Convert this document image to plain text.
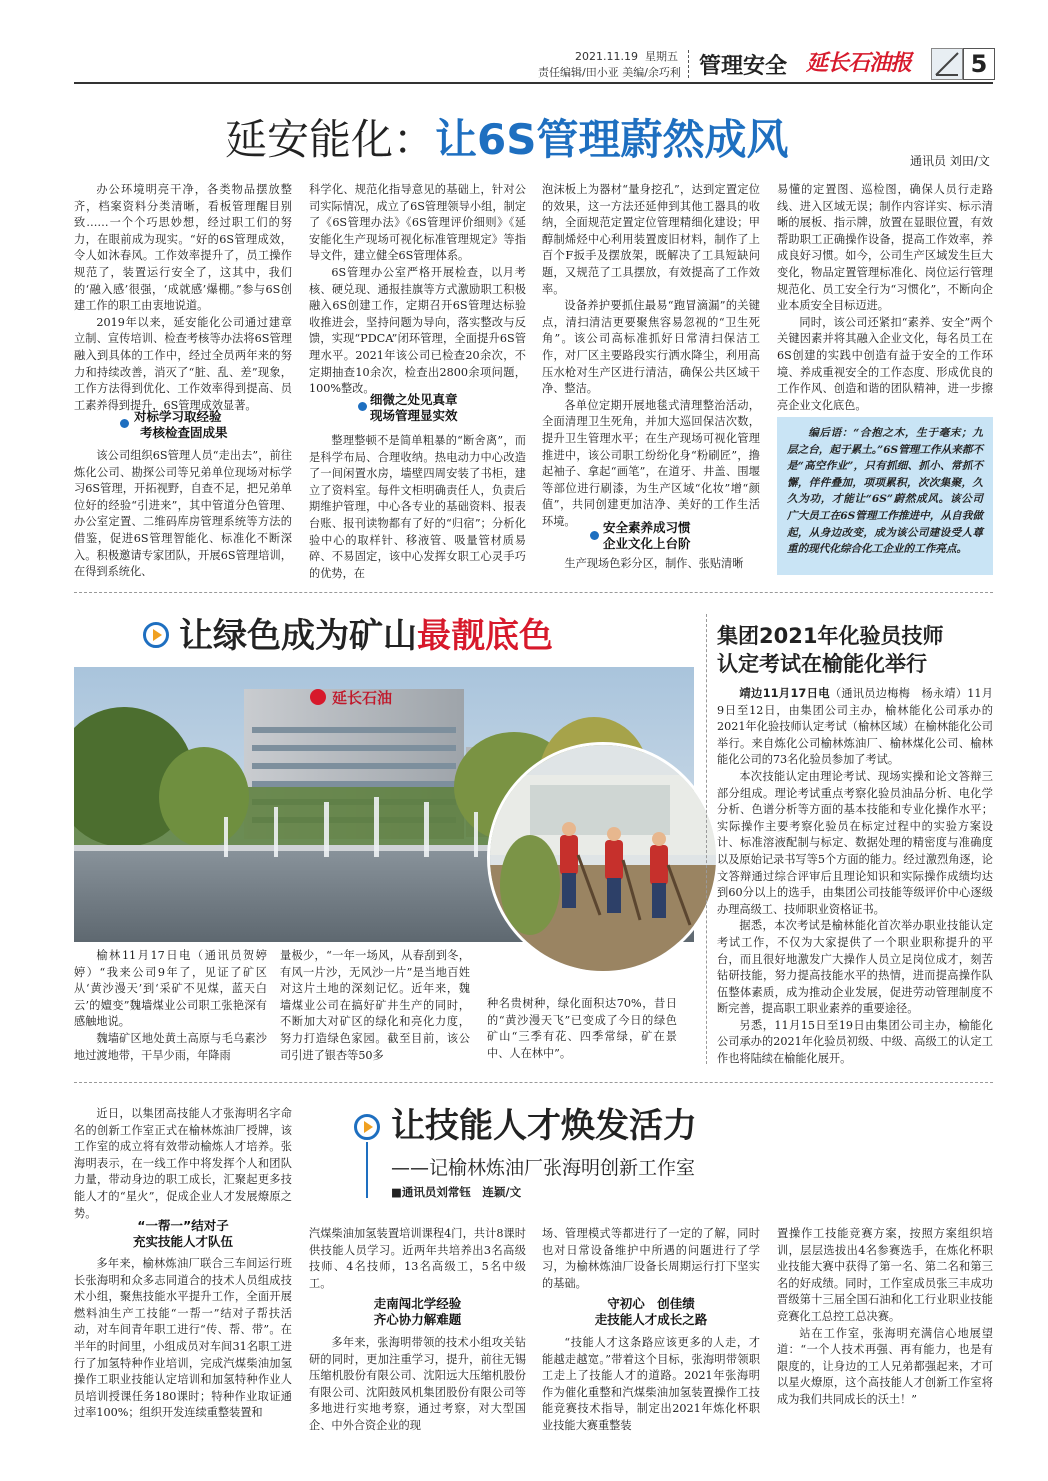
2021.11.19 星期五
责任编辑/田小亚 美编/余巧利 管理安全 延长石油报	5
延安能化：让6S管理蔚然成风	通讯员 刘田/文

办公环境明亮干净，各类物品摆放整齐，档案资料分类清晰，看板管理醒目别致……一个个巧思妙想，经过职工们的努力，在眼前成为现实。“好的6S管理成效，令人如沐春风。工作效率提升了，员工操作规范了，装置运行安全了，这其中，我们的‘融入感’很强，‘成就感’爆棚。”参与6S创建工作的职工由衷地说道。

2019年以来，延安能化公司通过建章立制、宣传培训、检查考核等办法将6S管理融入到具体的工作中，经过全员两年来的努力和持续改善，消灭了“脏、乱、差”现象，工作方法得到优化、工作效率得到提高、员工素养得到提升，6S管理成效显著。

对标学习取经验
考核检查固成果

该公司组织6S管理人员“走出去”，前往炼化公司、勘探公司等兄弟单位现场对标学习6S管理，开拓视野，自查不足，把兄弟单位好的经验“引进来”，其中管道分色管理、办公室定置、二维码库房管理系统等方法的借鉴，促进6S管理智能化、标准化不断深入。积极邀请专家团队，开展6S管理培训，在得到系统化、

科学化、规范化指导意见的基础上，针对公司实际情况，成立了6S管理领导小组，制定了《6S管理办法》《6S管理评价细则》《延安能化生产现场可视化标准管理规定》等指导文件，建立健全6S管理体系。

6S管理办公室严格开展检查，以月考核、硬兑现、通报挂旗等方式激励职工积极融入6S创建工作，定期召开6S管理达标验收推进会，坚持问题为导向，落实整改与反馈，实现“PDCA”闭环管理，全面提升6S管理水平。2021年该公司已检查20余次，不定期抽查10余次，检查出2800余项问题，100%整改。

细微之处见真章
现场管理显实效

整理整顿不是简单粗暴的“断舍离”，而是科学布局、合理收纳。热电动力中心改造了一间闲置水房，墙壁四周安装了书柜，建立了资料室。每件文柜明确责任人，负责后期维护管理，中心各专业的基础资料、报表台账、报刊读物都有了好的“归宿”；分析化验中心的取样针、移液管、吸量管材质易碎、不易固定，该中心发挥女职工心灵手巧的优势，在

泡沫板上为器材“量身挖孔”，达到定置定位的效果，这一方法还延伸到其他工器具的收纳，全面规范定置定位管理精细化建设；甲醇制烯烃中心利用装置废旧材料，制作了上百个F扳手及摆放架，既解决了工具短缺问题，又规范了工具摆放，有效提高了工作效率。

设备养护要抓住最易“跑冒滴漏”的关键点，清扫清洁更要聚焦容易忽视的“卫生死角”。该公司高标准抓好日常清扫保洁工作，对厂区主要路段实行洒水降尘，利用高压水枪对生产区进行清洁，确保公共区域干净、整洁。

各单位定期开展地毯式清理整治活动，全面清理卫生死角，并加大巡回保洁次数，提升卫生管理水平；在生产现场可视化管理推进中，该公司职工纷纷化身“粉刷匠”，撸起袖子、拿起“画笔”，在道牙、井盖、围堰等部位进行刷漆，为生产区域“化妆”增“颜值”，共同创建更加洁净、美好的工作生活环境。	安全素养成习惯
企业文化上台阶

生产现场色彩分区，制作、张贴清晰

易懂的定置图、巡检图，确保人员行走路线、进入区域无误；制作内容详实、标示清晰的展板、指示牌，放置在显眼位置，有效帮助职工正确操作设备，提高工作效率，养成良好习惯。如今，公司生产区域发生巨大变化，物品定置管理标准化、岗位运行管理规范化、员工安全行为“习惯化”，不断向企业本质安全目标迈进。

同时，该公司还紧扣“素养、安全”两个关键因素并将其融入企业文化，每名员工在6S创建的实践中创造有益于安全的工作环境、养成重视安全的工作态度、形成优良的工作作风、创造和谐的团队精神，进一步擦亮企业文化底色。

编后语：“合抱之木，生于毫末；九层之台，起于累土。”6S管理工作从来都不是“高空作业”，只有抓细、抓小、常抓不懈，伴件叠加，项项累积，次次集聚，久久为功，才能让“6S”蔚然成风。该公司广大员工在6S管理工作推进中，从自我做起，从身边改变，成为该公司建设受人尊重的现代化综合化工企业的工作亮点。
让绿色成为矿山最靓底色
延长石油

榆林11月17日电（通讯员贺婷婷）“我来公司9年了，见证了矿区从‘黄沙漫天’到‘采矿不见煤，蓝天白云’的嬗变”魏墙煤业公司职工张艳深有感触地说。

魏墙矿区地处黄土高原与毛乌素沙地过渡地带，干旱少雨，年降雨

量极少，“一年一场风，从春刮到冬，有风一片沙，无风沙一片”是当地百姓对这片土地的深刻记忆。近年来，魏墙煤业公司在搞好矿井生产的同时，不断加大对矿区的绿化和亮化力度，努力打造绿色家园。截至目前，该公司引进了银杏等50多

种名贵树种，绿化面积达70%，昔日的“黄沙漫天飞”已变成了今日的绿色矿山“三季有花、四季常绿，矿在景中、人在林中”。

集团2021年化验员技师
认定考试在榆能化举行

靖边11月17日电（通讯员边梅梅　杨永靖）11月9日至12日，由集团公司主办，榆林能化公司承办的2021年化验技师认定考试（榆林区域）在榆林能化公司举行。来自炼化公司榆林炼油厂、榆林煤化公司、榆林能化公司的73名化验员参加了考试。

本次技能认定由理论考试、现场实操和论文答辩三部分组成。理论考试重点考察化验员油品分析、电化学分析、色谱分析等方面的基本技能和专业化操作水平；实际操作主要考察化验员在标定过程中的实验方案设计、标准溶液配制与标定、数据处理的精密度与准确度以及原始记录书写等5个方面的能力。经过激烈角逐，论文答辩通过综合评审后且理论知识和实际操作成绩均达到60分以上的选手，由集团公司技能等级评价中心逐级办理高级工、技师职业资格证书。

据悉，本次考试是榆林能化首次举办职业技能认定考试工作，不仅为大家提供了一个职业职称提升的平台，而且很好地激发广大操作人员立足岗位成才，刻苦钻研技能，努力提高技能水平的热情，进而提高操作队伍整体素质，成为推动企业发展，促进劳动管理制度不断完善，提高职工职业素养的重要途径。

另悉，11月15日至19日由集团公司主办，榆能化公司承办的2021年化验员初级、中级、高级工的认定工作也将陆续在榆能化展开。

近日，以集团高技能人才张海明名字命名的创新工作室正式在榆林炼油厂授牌，该工作室的成立将有效带动榆炼人才培养。张海明表示，在一线工作中将发挥个人和团队力量，带动身边的职工成长，汇聚起更多技能人才的“星火”，促成企业人才发展燎原之势。

让技能人才焕发活力
——记榆林炼油厂张海明创新工作室
■通讯员刘常钰　连颖/文
“一帮一”结对子
充实技能人才队伍

多年来，榆林炼油厂联合三车间运行班长张海明和众多志同道合的技术人员组成技术小组，聚焦技能水平提升工作，全面开展燃料油生产工技能“一帮一”结对子帮扶活动，对车间青年职工进行“传、帮、带”。在半年的时间里，小组成员对车间31名职工进行了加氢特种作业培训，完成汽煤柴油加氢操作工职业技能认定培训和加氢特种作业人员培训授课任务180课时；特种作业取证通过率100%；组织开发连续重整装置和

汽煤柴油加氢装置培训课程4门，共计8课时供技能人员学习。近两年共培养出3名高级技师、4名技师，13名高级工，5名中级工。

走南闯北学经验
齐心协力解难题

多年来，张海明带领的技术小组攻关钻研的同时，更加注重学习，提升，前往无锡压缩机股份有限公司、沈阳远大压缩机股份有限公司、沈阳鼓风机集团股份有限公司等多地进行实地考察，通过考察，对大型国企、中外合资企业的现

场、管理模式等都进行了一定的了解，同时也对日常设备维护中所遇的问题进行了学习，为榆林炼油厂设备长周期运行打下坚实的基础。

守初心　创佳绩
走技能人才成长之路

“技能人才这条路应该更多的人走，才能越走越宽。”带着这个目标，张海明带领职工走上了技能人才的道路。2021年张海明作为催化重整和汽煤柴油加氢装置操作工技能竞赛技术指导，制定出2021年炼化杯职业技能大赛重整装

置操作工技能竞赛方案，按照方案组织培训，层层选拔出4名参赛选手，在炼化杯职业技能大赛中获得了第一名、第二名和第三名的好成绩。同时，工作室成员张三丰成功晋级第十三届全国石油和化工行业职业技能竞赛化工总控工总决赛。

站在工作室，张海明充满信心地展望道：“一个人技术再强、再有能力，也是有限度的，让身边的工人兄弟都强起来，才可以星火燎原，这个高技能人才创新工作室将成为我们共同成长的沃土！”
